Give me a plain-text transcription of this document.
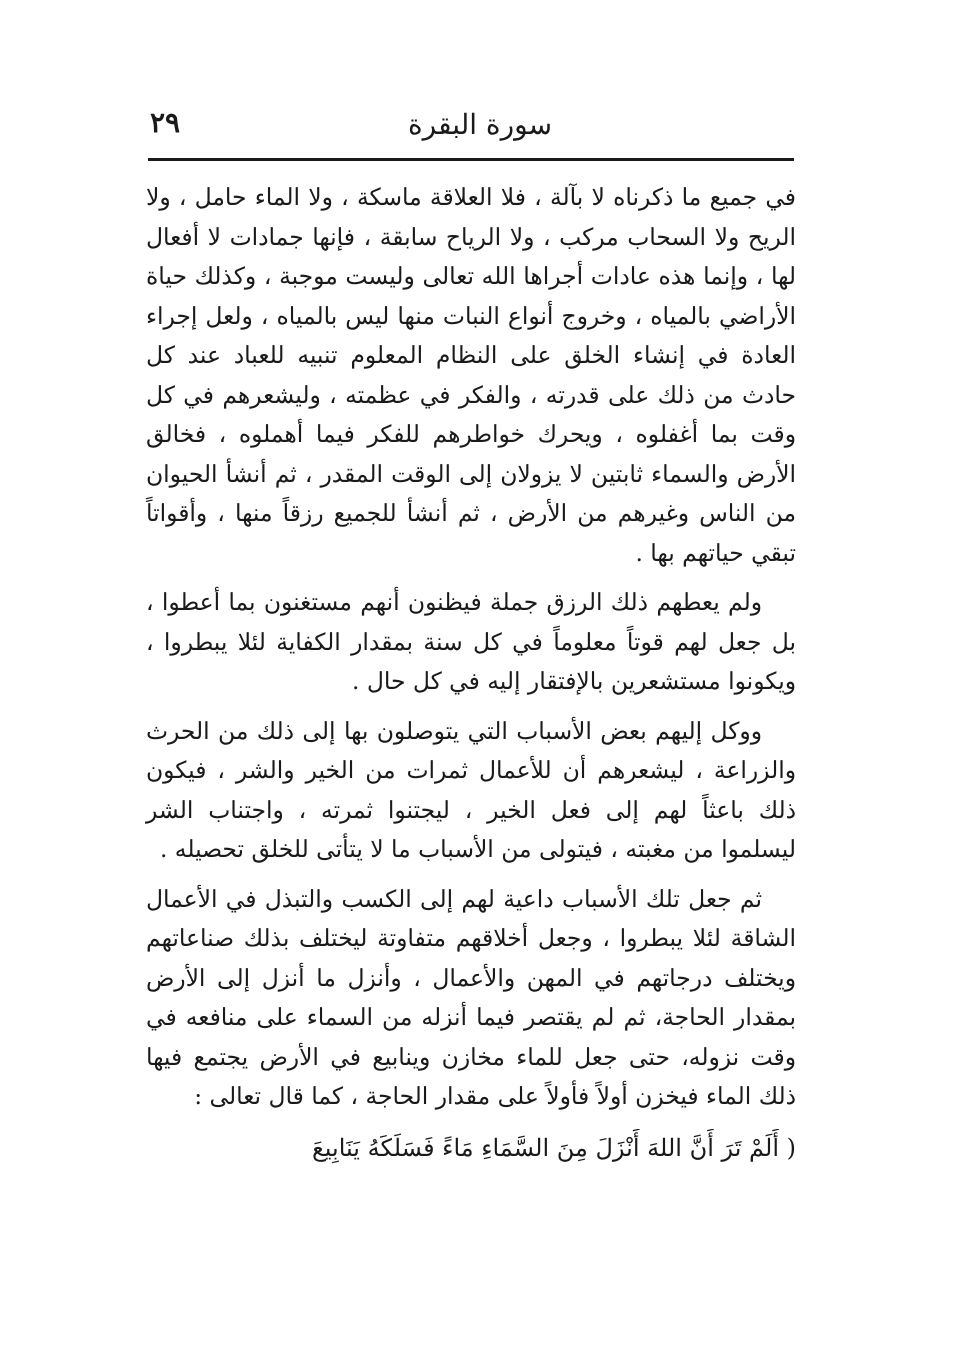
٢٩	سورة البقرة

في جميع ما ذكرناه لا بآلة ، فلا العلاقة ماسكة ، ولا الماء حامل ، ولا الريح ولا السحاب مركب ، ولا الرياح سابقة ، فإنها جمادات لا أفعال لها ، وإنما هذه عادات أجراها الله تعالى وليست موجبة ، وكذلك حياة الأراضي بالمياه ، وخروج أنواع النبات منها ليس بالمياه ، ولعل إجراء العادة في إنشاء الخلق على النظام المعلوم تنبيه للعباد عند كل حادث من ذلك على قدرته ، والفكر في عظمته ، وليشعرهم في كل وقت بما أغفلوه ، ويحرك خواطرهم للفكر فيما أهملوه ، فخالق الأرض والسماء ثابتين لا يزولان إلى الوقت المقدر ، ثم أنشأ الحيوان من الناس وغيرهم من الأرض ، ثم أنشأ للجميع رزقاً منها ، وأقواتاً تبقي حياتهم بها .

ولم يعطهم ذلك الرزق جملة فيظنون أنهم مستغنون بما أعطوا ، بل جعل لهم قوتاً معلوماً في كل سنة بمقدار الكفاية لئلا يبطروا ، ويكونوا مستشعرين بالإفتقار إليه في كل حال .

ووكل إليهم بعض الأسباب التي يتوصلون بها إلى ذلك من الحرث والزراعة ، ليشعرهم أن للأعمال ثمرات من الخير والشر ، فيكون ذلك باعثاً لهم إلى فعل الخير ، ليجتنوا ثمرته ، واجتناب الشر ليسلموا من مغبته ، فيتولى من الأسباب ما لا يتأتى للخلق تحصيله .

ثم جعل تلك الأسباب داعية لهم إلى الكسب والتبذل في الأعمال الشاقة لئلا يبطروا ، وجعل أخلاقهم متفاوتة ليختلف بذلك صناعاتهم ويختلف درجاتهم في المهن والأعمال ، وأنزل ما أنزل إلى الأرض بمقدار الحاجة، ثم لم يقتصر فيما أنزله من السماء على منافعه في وقت نزوله، حتى جعل للماء مخازن وينابيع في الأرض يجتمع فيها ذلك الماء فيخزن أولاً فأولاً على مقدار الحاجة ، كما قال تعالى :

( أَلَمْ تَرَ أَنَّ اللهَ أَنْزَلَ مِنَ السَّمَاءِ مَاءً فَسَلَكَهُ يَنَابِيعَ
